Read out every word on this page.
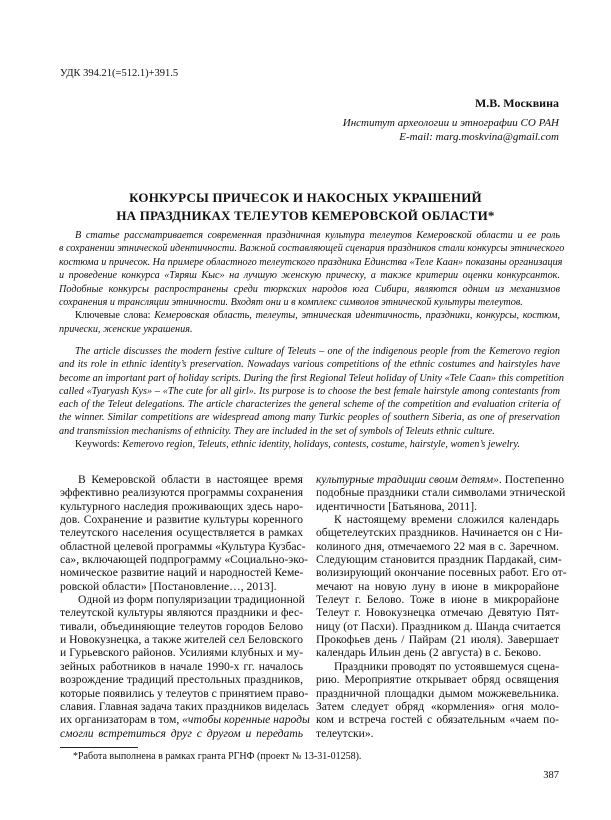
УДК 394.21(=512.1)+391.5
М.В. Москвина
Институт археологии и этнографии СО РАН
E-mail: marg.moskvina@gmail.com
КОНКУРСЫ ПРИЧЕСОК И НАКОСНЫХ УКРАШЕНИЙ
НА ПРАЗДНИКАХ ТЕЛЕУТОВ КЕМЕРОВСКОЙ ОБЛАСТИ*
В статье рассматривается современная праздничная культура телеутов Кемеровской области и ее роль
в сохранении этнической идентичности. Важной составляющей сценария праздников стали конкурсы этнического
костюма и причесок. На примере областного телеутского праздника Единства «Теле Каан» показаны организация
и проведение конкурса «Тяряш Кыс» на лучшую женскую прическу, а также критерии оценки конкурсанток.
Подобные конкурсы распространены среди тюркских народов юга Сибири, являются одним из механизмов
сохранения и трансляции этничности. Входят они и в комплекс символов этнической культуры телеутов.
Ключевые слова: Кемеровская область, телеуты, этническая идентичность, праздники, конкурсы, костюм,
прически, женские украшения.
The article discusses the modern festive culture of Teleuts – one of the indigenous people from the Kemerovo region
and its role in ethnic identity’s preservation. Nowadays various competitions of the ethnic costumes and hairstyles have
become an important part of holiday scripts. During the first Regional Teleut holiday of Unity «Tele Caan» this competition
called «Tyaryash Kys» – «The cute for all girl». Its purpose is to choose the best female hairstyle among contestants from
each of the Teleut delegations. The article characterizes the general scheme of the competition and evaluation criteria of
the winner. Similar competitions are widespread among many Turkic peoples of southern Siberia, as one of preservation
and transmission mechanisms of ethnicity. They are included in the set of symbols of Teleuts ethnic culture.
Keywords: Kemerovo region, Teleuts, ethnic identity, holidays, contests, costume, hairstyle, women’s jewelry.
В Кемеровской области в настоящее время
эффективно реализуются программы сохранения
культурного наследия проживающих здесь наро-
дов. Сохранение и развитие культуры коренного
телеутского населения осуществляется в рамках
областной целевой программы «Культура Кузбас-
са», включающей подпрограмму «Социально-эко-
номическое развитие наций и народностей Кеме-
ровской области» [Постановление…, 2013].
Одной из форм популяризации традиционной
телеутской культуры являются праздники и фес-
тивали, объединяющие телеутов городов Белово
и Новокузнецка, а также жителей сел Беловского
и Гурьевского районов. Усилиями клубных и му-
зейных работников в начале 1990-х гг. началось
возрождение традиций престольных праздников,
которые появились у телеутов с принятием право-
славия. Главная задача таких праздников виделась
их организаторам в том, «чтобы коренные народы
смогли встретиться друг с другом и передать
культурные традиции своим детям». Постепенно
подобные праздники стали символами этнической
идентичности [Батьянова, 2011].
К настоящему времени сложился календарь
общетелеутских праздников. Начинается он с Ни-
колиного дня, отмечаемого 22 мая в с. Заречном.
Следующим становится праздник Пардакай, сим-
волизирующий окончание посевных работ. Его от-
мечают на новую луну в июне в микрорайоне
Телеут г. Белово. Тоже в июне в микрорайоне
Телеут г. Новокузнецка отмечаю Девятую Пят-
ницу (от Пасхи). Праздником д. Шанда считается
Прокофьев день / Пайрам (21 июля). Завершает
календарь Ильин день (2 августа) в с. Беково.
Праздники проводят по устоявшемуся сцена-
рию. Мероприятие открывает обряд освящения
праздничной площадки дымом можжевельника.
Затем следует обряд «кормления» огня моло-
ком и встреча гостей с обязательным «чаем по-
телеутски».
*Работа выполнена в рамках гранта РГНФ (проект № 13-31-01258).
387
